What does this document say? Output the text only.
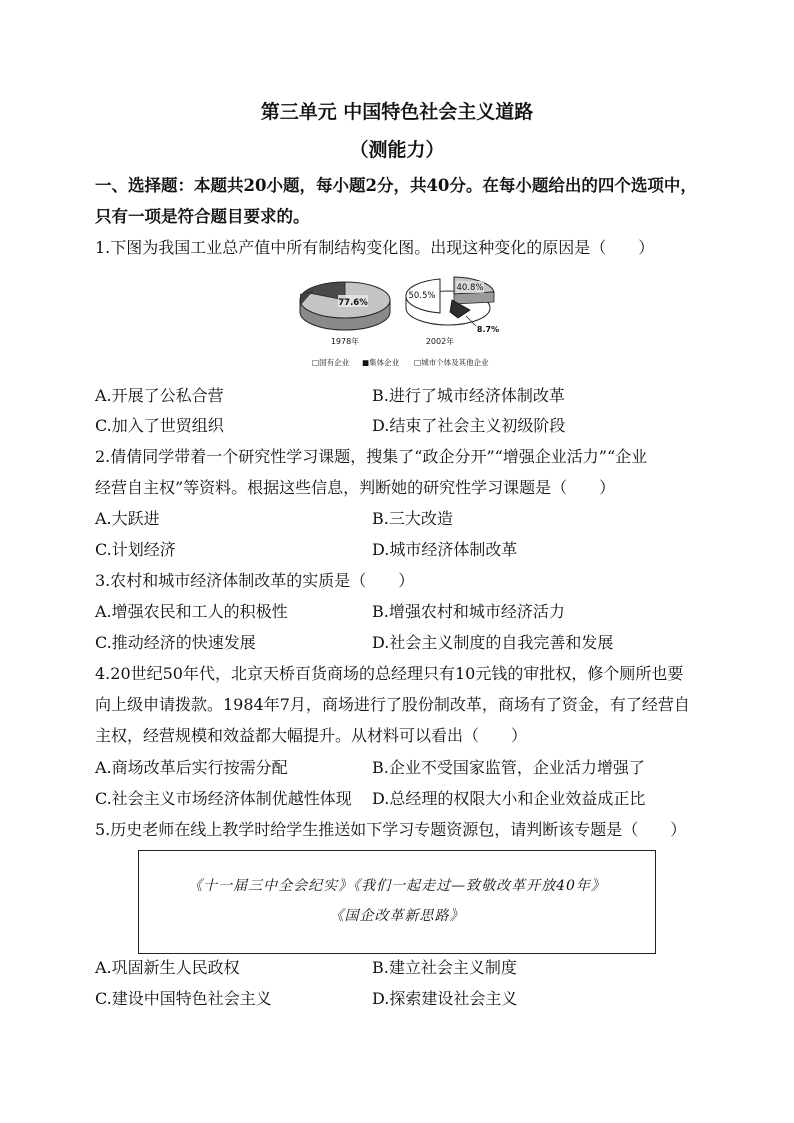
第三单元 中国特色社会主义道路
（测能力）
一、选择题：本题共20小题，每小题2分，共40分。在每小题给出的四个选项中，只有一项是符合题目要求的。
1.下图为我国工业总产值中所有制结构变化图。出现这种变化的原因是（　　）
77.6%
1978年
50.5%
40.8%
8.7%
2002年
□国有企业 ■集体企业 □城市个体及其他企业
A.开展了公私合营	B.进行了城市经济体制改革
C.加入了世贸组织	D.结束了社会主义初级阶段
2.倩倩同学带着一个研究性学习课题，搜集了“政企分开”“增强企业活力”“企业
经营自主权”等资料。根据这些信息，判断她的研究性学习课题是（　　）
A.大跃进	B.三大改造
C.计划经济	D.城市经济体制改革
3.农村和城市经济体制改革的实质是（　　）
A.增强农民和工人的积极性	B.增强农村和城市经济活力
C.推动经济的快速发展	D.社会主义制度的自我完善和发展
4.20世纪50年代，北京天桥百货商场的总经理只有10元钱的审批权，修个厕所也要
向上级申请拨款。1984年7月，商场进行了股份制改革，商场有了资金，有了经营自
主权，经营规模和效益都大幅提升。从材料可以看出（　　）
A.商场改革后实行按需分配	B.企业不受国家监管，企业活力增强了
C.社会主义市场经济体制优越性体现 D.总经理的权限大小和企业效益成正比
5.历史老师在线上教学时给学生推送如下学习专题资源包，请判断该专题是（　　）
《十一届三中全会纪实》《我们一起走过—致敬改革开放40年》
《国企改革新思路》
A.巩固新生人民政权	B.建立社会主义制度
C.建设中国特色社会主义	D.探索建设社会主义
